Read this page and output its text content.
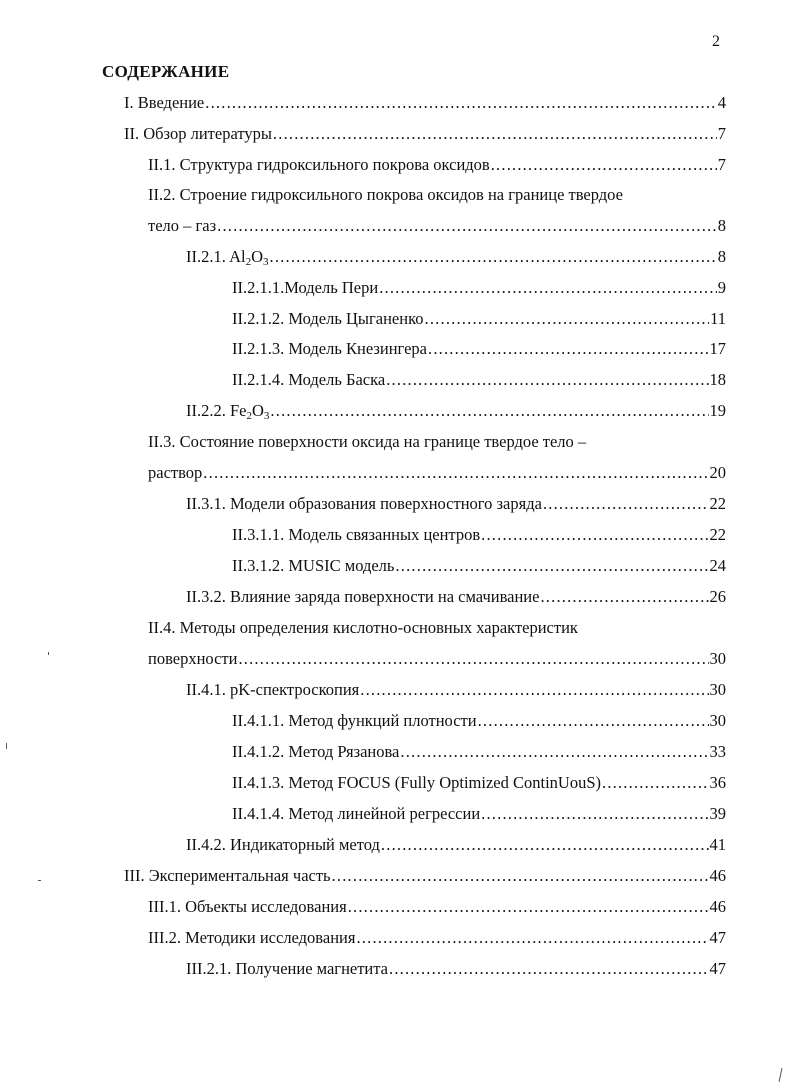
2
СОДЕРЖАНИЕ
I. Введение .....	4
II. Обзор литературы .....	7
II.1. Структура гидроксильного покрова оксидов .....	7
II.2. Строение гидроксильного покрова оксидов на границе твердое
тело – газ .....	8
II.2.1. $Al_2O_3$ .....	8
II.2.1.1.Модель Пери .....	9
II.2.1.2. Модель Цыганенко .....	11
II.2.1.3. Модель Кнезингера .....	17
II.2.1.4. Модель Баска .....	18
II.2.2. $Fe_2O_3$ .....	19
II.3. Состояние поверхности оксида на границе твердое тело –
раствор .....	20
II.3.1. Модели образования поверхностного заряда .....	22
II.3.1.1. Модель связанных центров .....	22
II.3.1.2. MUSIC модель .....	24
II.3.2. Влияние заряда поверхности на смачивание .....	26
II.4. Методы определения кислотно-основных характеристик
поверхности .....	30
II.4.1. pK-спектроскопия .....	30
II.4.1.1. Метод функций плотности .....	30
II.4.1.2. Метод Рязанова .....	33
II.4.1.3. Метод FOCUS (Fully Optimized ContinUouS) .....	36
II.4.1.4. Метод линейной регрессии .....	39
II.4.2. Индикаторный метод .....	41
III. Экспериментальная часть .....	46
III.1. Объекты исследования .....	46
III.2. Методики исследования .....	47
III.2.1. Получение магнетита .....	47
